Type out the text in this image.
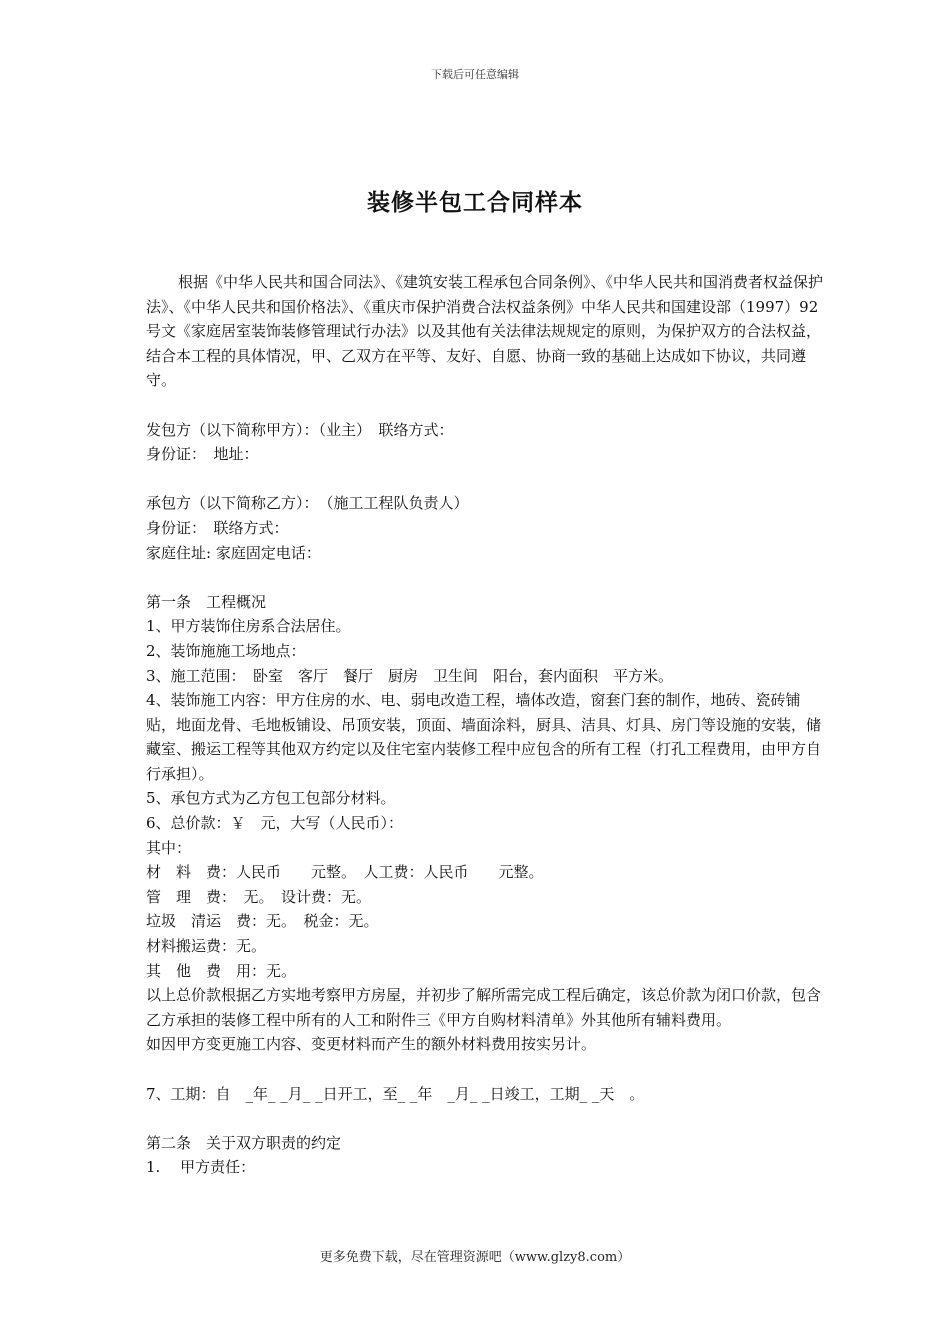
下载后可任意编辑
装修半包工合同样本

根据《中华人民共和国合同法》、《建筑安装工程承包合同条例》、《中华人民共和国消费者权益保护法》、《中华人民共和国价格法》、《重庆市保护消费合法权益条例》中华人民共和国建设部（1997）92号文《家庭居室装饰装修管理试行办法》以及其他有关法律法规规定的原则，为保护双方的合法权益，结合本工程的具体情况，甲、乙双方在平等、友好、自愿、协商一致的基础上达成如下协议，共同遵守。

发包方（以下简称甲方）：（业主）　联络方式：

身份证：　地址：

承包方（以下简称乙方）：　（施工工程队负责人）

身份证：　联络方式：

家庭住址: 家庭固定电话：

第一条　工程概况

1、甲方装饰住房系合法居住。

2、装饰施施工场地点：

3、施工范围：　卧室　客厅　餐厅　厨房　卫生间　阳台，套内面积　平方米。

4、装饰施工内容：甲方住房的水、电、弱电改造工程，墙体改造，窗套门套的制作，地砖、瓷砖铺贴，地面龙骨、毛地板铺设、吊顶安装，顶面、墙面涂料，厨具、洁具、灯具、房门等设施的安装，储藏室、搬运工程等其他双方约定以及住宅室内装修工程中应包含的所有工程（打孔工程费用，由甲方自行承担）。

5、承包方式为乙方包工包部分材料。

6、总价款：￥　元，大写（人民币）：

其中：

材　料　费：人民币　　元整。　人工费：人民币　　元整。

管　理　费：　无。　设计费：无。

垃圾　清运　费：无。　税金：无。

材料搬运费：无。

其　他　费　用：无。

以上总价款根据乙方实地考察甲方房屋，并初步了解所需完成工程后确定，该总价款为闭口价款，包含乙方承担的装修工程中所有的人工和附件三《甲方自购材料清单》外其他所有辅料费用。

如因甲方变更施工内容、变更材料而产生的额外材料费用按实另计。

7、工期：自　_年_ _月_ _日开工，至_ _年　_月_ _日竣工，工期_ _天　。

第二条　关于双方职责的约定

1.　 甲方责任：

更多免费下载，尽在管理资源吧（www.glzy8.com）
